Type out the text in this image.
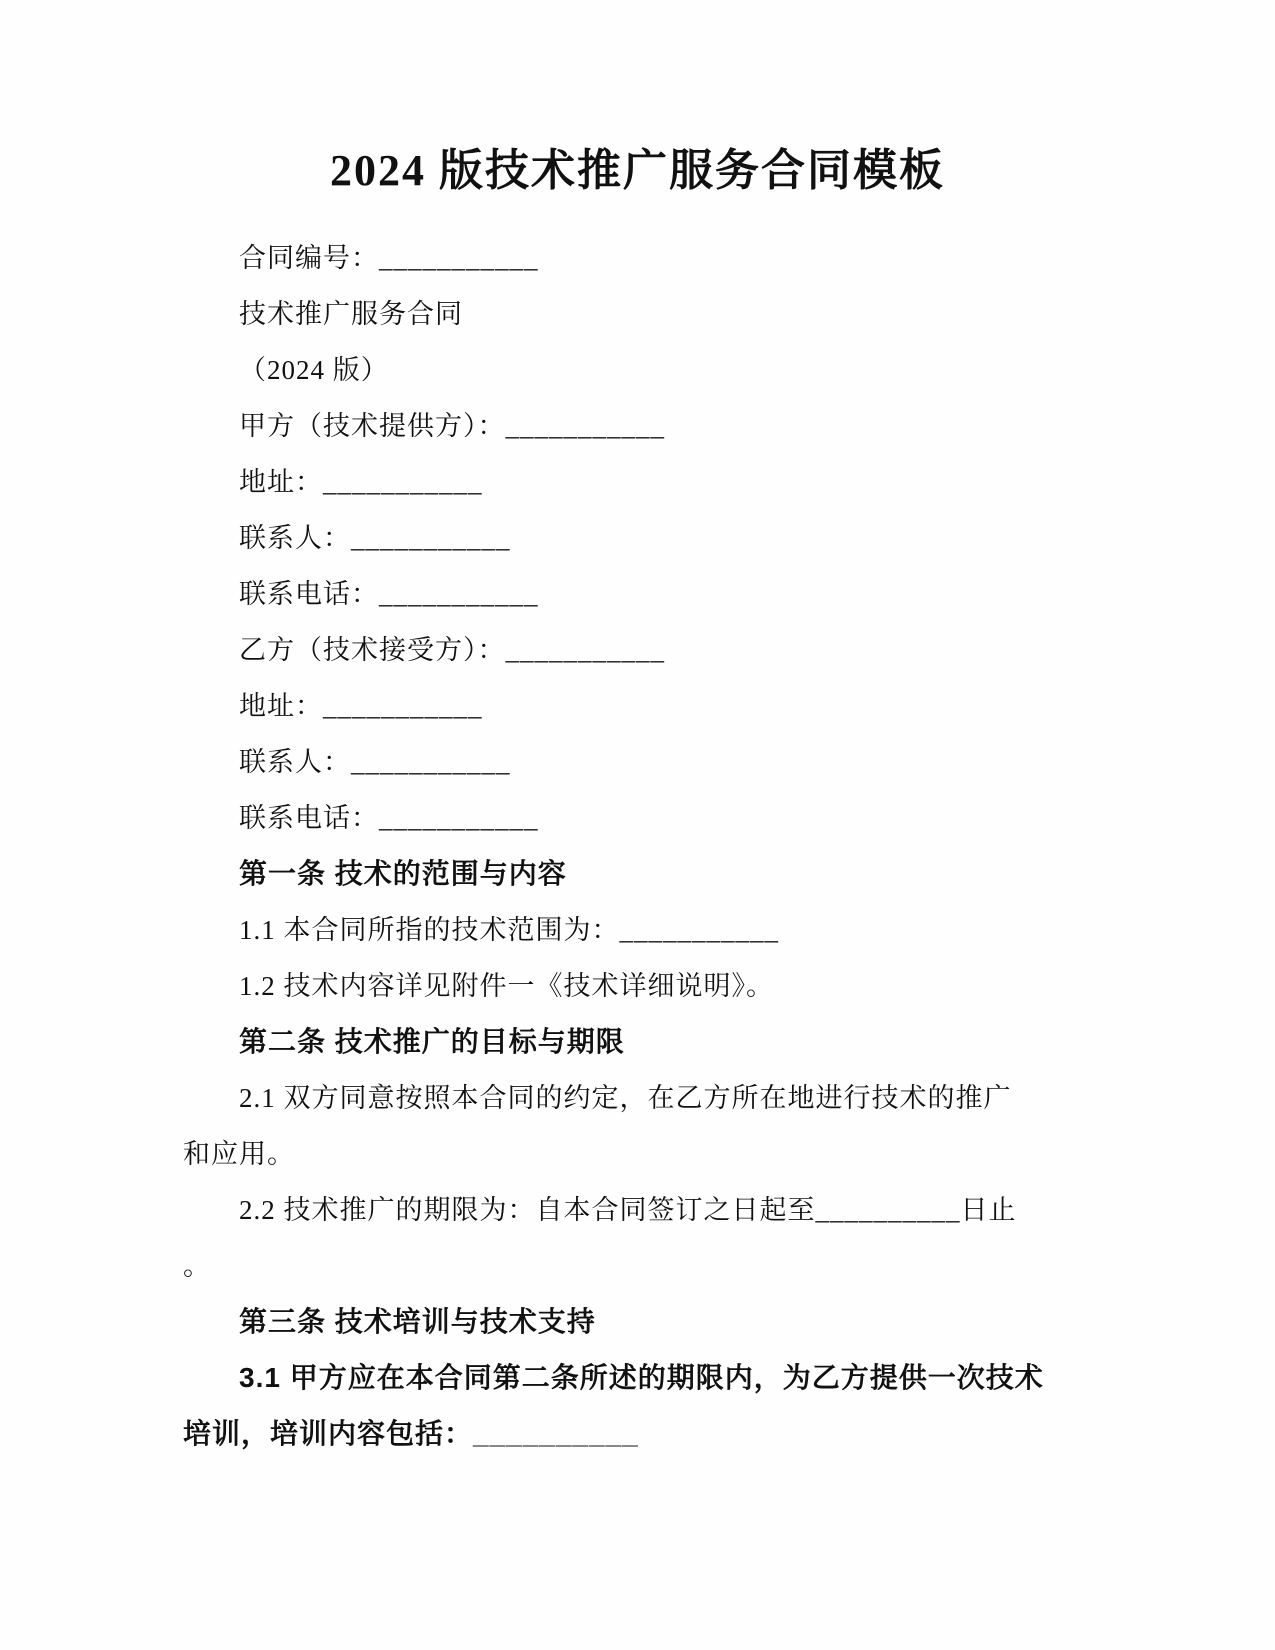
2024 版技术推广服务合同模板

合同编号：___________

技术推广服务合同

（2024 版）

甲方（技术提供方）：___________

地址：___________

联系人：___________

联系电话：___________

乙方（技术接受方）：___________

地址：___________

联系人：___________

联系电话：___________

第一条 技术的范围与内容

1.1 本合同所指的技术范围为：___________

1.2 技术内容详见附件一《技术详细说明》。

第二条 技术推广的目标与期限

2.1 双方同意按照本合同的约定，在乙方所在地进行技术的推广

和应用。

2.2 技术推广的期限为：自本合同签订之日起至__________日止

。

第三条 技术培训与技术支持

3.1 甲方应在本合同第二条所述的期限内，为乙方提供一次技术

培训，培训内容包括：__________
